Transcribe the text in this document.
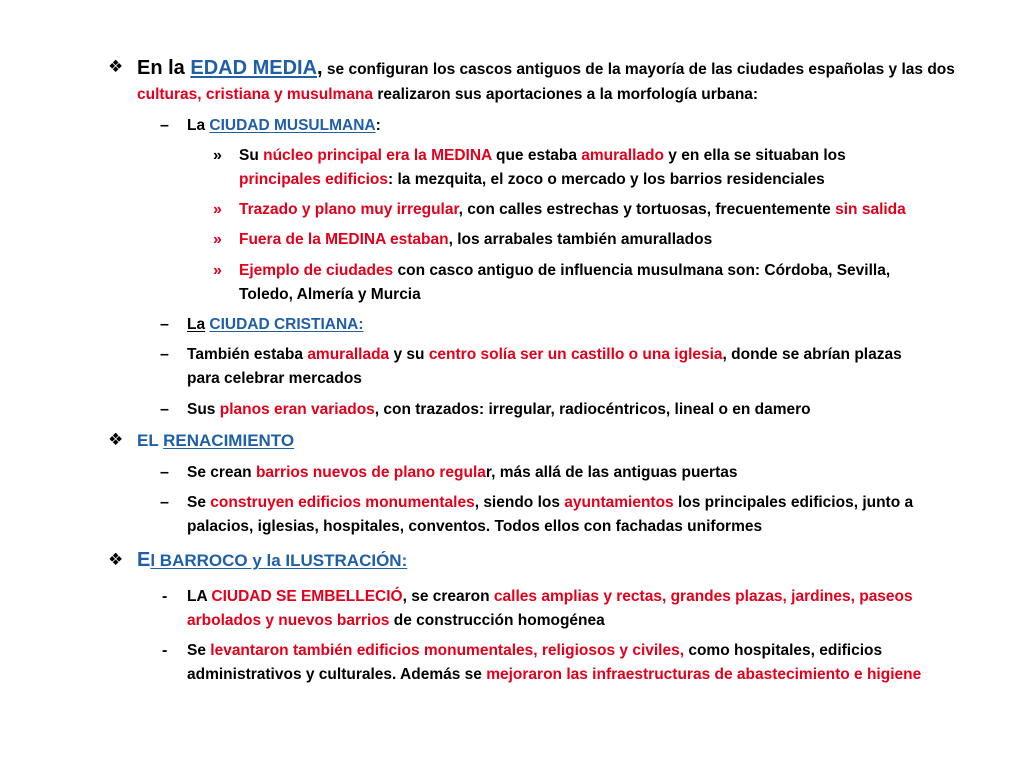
❖ En la EDAD MEDIA, se configuran los cascos antiguos de la mayoría de las ciudades españolas y las dos
culturas, cristiana y musulmana realizaron sus aportaciones a la morfología urbana:
– La CIUDAD MUSULMANA:
» Su núcleo principal era la MEDINA que estaba amurallado y en ella se situaban los
principales edificios: la mezquita, el zoco o mercado y los barrios residenciales
» Trazado y plano muy irregular, con calles estrechas y tortuosas, frecuentemente sin salida
» Fuera de la MEDINA estaban, los arrabales también amurallados
» Ejemplo de ciudades con casco antiguo de influencia musulmana son: Córdoba, Sevilla,
Toledo, Almería y Murcia
– La CIUDAD CRISTIANA:
– También estaba amurallada y su centro solía ser un castillo o una iglesia, donde se abrían plazas
para celebrar mercados
– Sus planos eran variados, con trazados: irregular, radiocéntricos, lineal o en damero
❖ EL RENACIMIENTO
– Se crean barrios nuevos de plano regular, más allá de las antiguas puertas
– Se construyen edificios monumentales, siendo los ayuntamientos los principales edificios, junto a
palacios, iglesias, hospitales, conventos. Todos ellos con fachadas uniformes
❖ El BARROCO y la ILUSTRACIÓN:
- LA CIUDAD SE EMBELLECIÓ, se crearon calles amplias y rectas, grandes plazas, jardines, paseos
arbolados y nuevos barrios de construcción homogénea
- Se levantaron también edificios monumentales, religiosos y civiles, como hospitales, edificios
administrativos y culturales. Además se mejoraron las infraestructuras de abastecimiento e higiene
